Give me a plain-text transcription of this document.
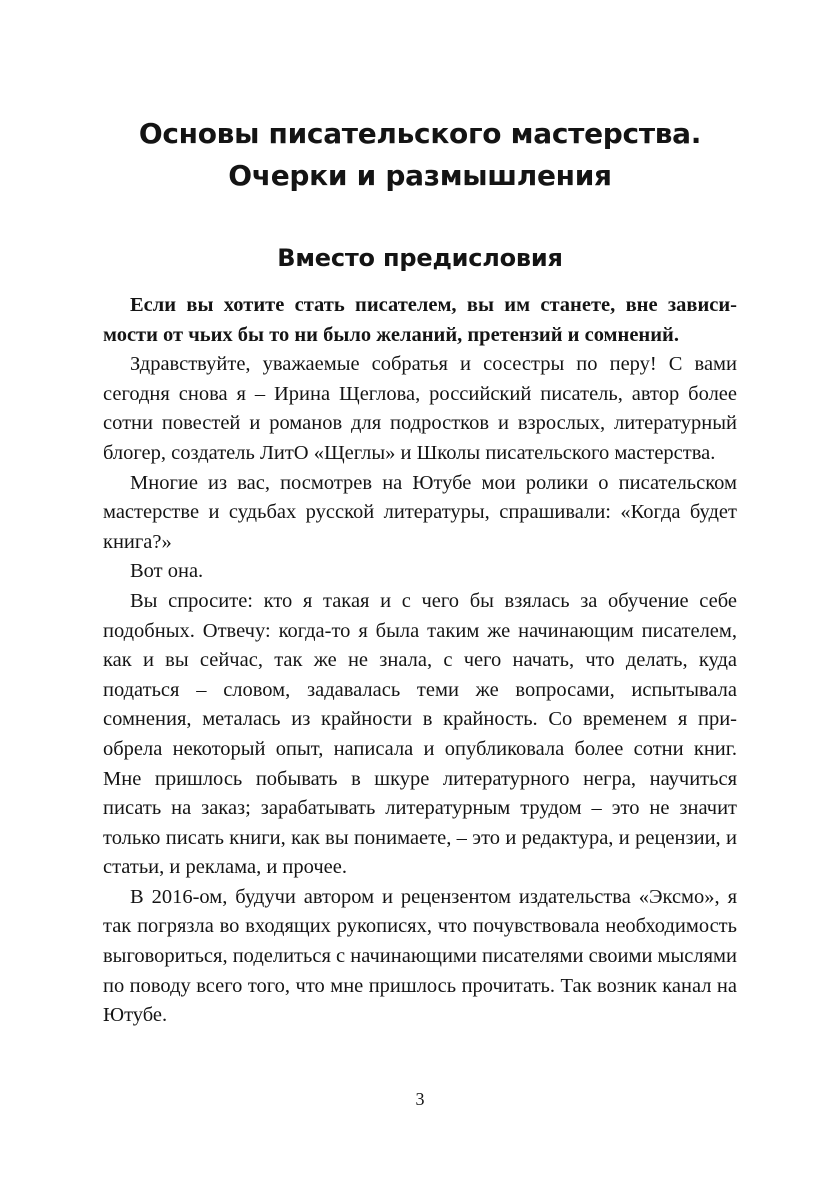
Основы писательского мастерства.
Очерки и размышления
Вместо предисловия

Если вы хотите стать писателем, вы им станете, вне зависимости от чьих бы то ни было желаний, претензий и сомнений.

Здравствуйте, уважаемые собратья и сосестры по перу! С вами сегодня снова я – Ирина Щеглова, российский писатель, автор более сотни повестей и романов для подростков и взрослых, литературный блогер, создатель ЛитО «Щеглы» и Школы писательского мастерства.

Многие из вас, посмотрев на Ютубе мои ролики о писательском мастерстве и судьбах русской литературы, спрашивали: «Когда будет книга?»

Вот она.

Вы спросите: кто я такая и с чего бы взялась за обучение себе подобных. Отвечу: когда-то я была таким же начинающим писателем, как и вы сейчас, так же не знала, с чего начать, что делать, куда податься – словом, задавалась теми же вопросами, испытывала сомнения, металась из крайности в крайность. Со временем я приобрела некоторый опыт, написала и опубликовала более сотни книг. Мне пришлось побывать в шкуре литературного негра, научиться писать на заказ; зарабатывать литературным трудом – это не значит только писать книги, как вы понимаете, – это и редактура, и рецензии, и статьи, и реклама, и прочее.

В 2016-ом, будучи автором и рецензентом издательства «Эксмо», я так погрязла во входящих рукописях, что почувствовала необходимость выговориться, поделиться с начинающими писателями своими мыслями по поводу всего того, что мне пришлось прочитать. Так возник канал на Ютубе.

3
